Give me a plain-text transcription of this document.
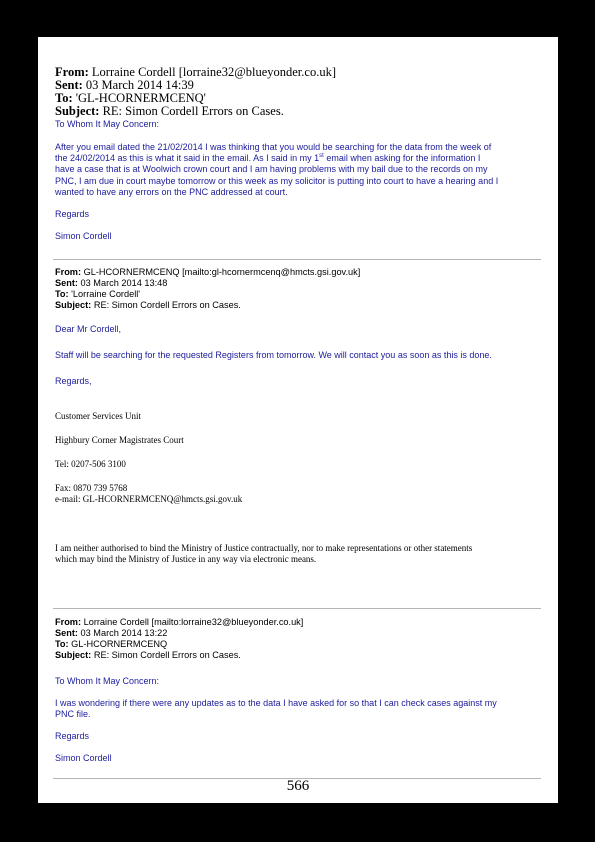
From: Lorraine Cordell [lorraine32@blueyonder.co.uk]
Sent: 03 March 2014 14:39
To: 'GL-HCORNERMCENQ'
Subject: RE: Simon Cordell Errors on Cases.
To Whom It May Concern:
After you email dated the 21/02/2014 I was thinking that you would be searching for the data from the week of
the 24/02/2014 as this is what it said in the email. As I said in my 1st email when asking for the information I
have a case that is at Woolwich crown court and I am having problems with my bail due to the records on my
PNC, I am due in court maybe tomorrow or this week as my solicitor is putting into court to have a hearing and I
wanted to have any errors on the PNC addressed at court.
Regards
Simon Cordell
From: GL-HCORNERMCENQ [mailto:gl-hcornermcenq@hmcts.gsi.gov.uk]
Sent: 03 March 2014 13:48
To: 'Lorraine Cordell'
Subject: RE: Simon Cordell Errors on Cases.
Dear Mr Cordell,
Staff will be searching for the requested Registers from tomorrow. We will contact you as soon as this is done.
Regards,
Customer Services Unit
Highbury Corner Magistrates Court
Tel: 0207-506 3100
Fax: 0870 739 5768
e-mail: GL-HCORNERMCENQ@hmcts.gsi.gov.uk
I am neither authorised to bind the Ministry of Justice contractually, nor to make representations or other statements
which may bind the Ministry of Justice in any way via electronic means.
From: Lorraine Cordell [mailto:lorraine32@blueyonder.co.uk]
Sent: 03 March 2014 13:22
To: GL-HCORNERMCENQ
Subject: RE: Simon Cordell Errors on Cases.
To Whom It May Concern:
I was wondering if there were any updates as to the data I have asked for so that I can check cases against my
PNC file.
Regards
Simon Cordell
566
